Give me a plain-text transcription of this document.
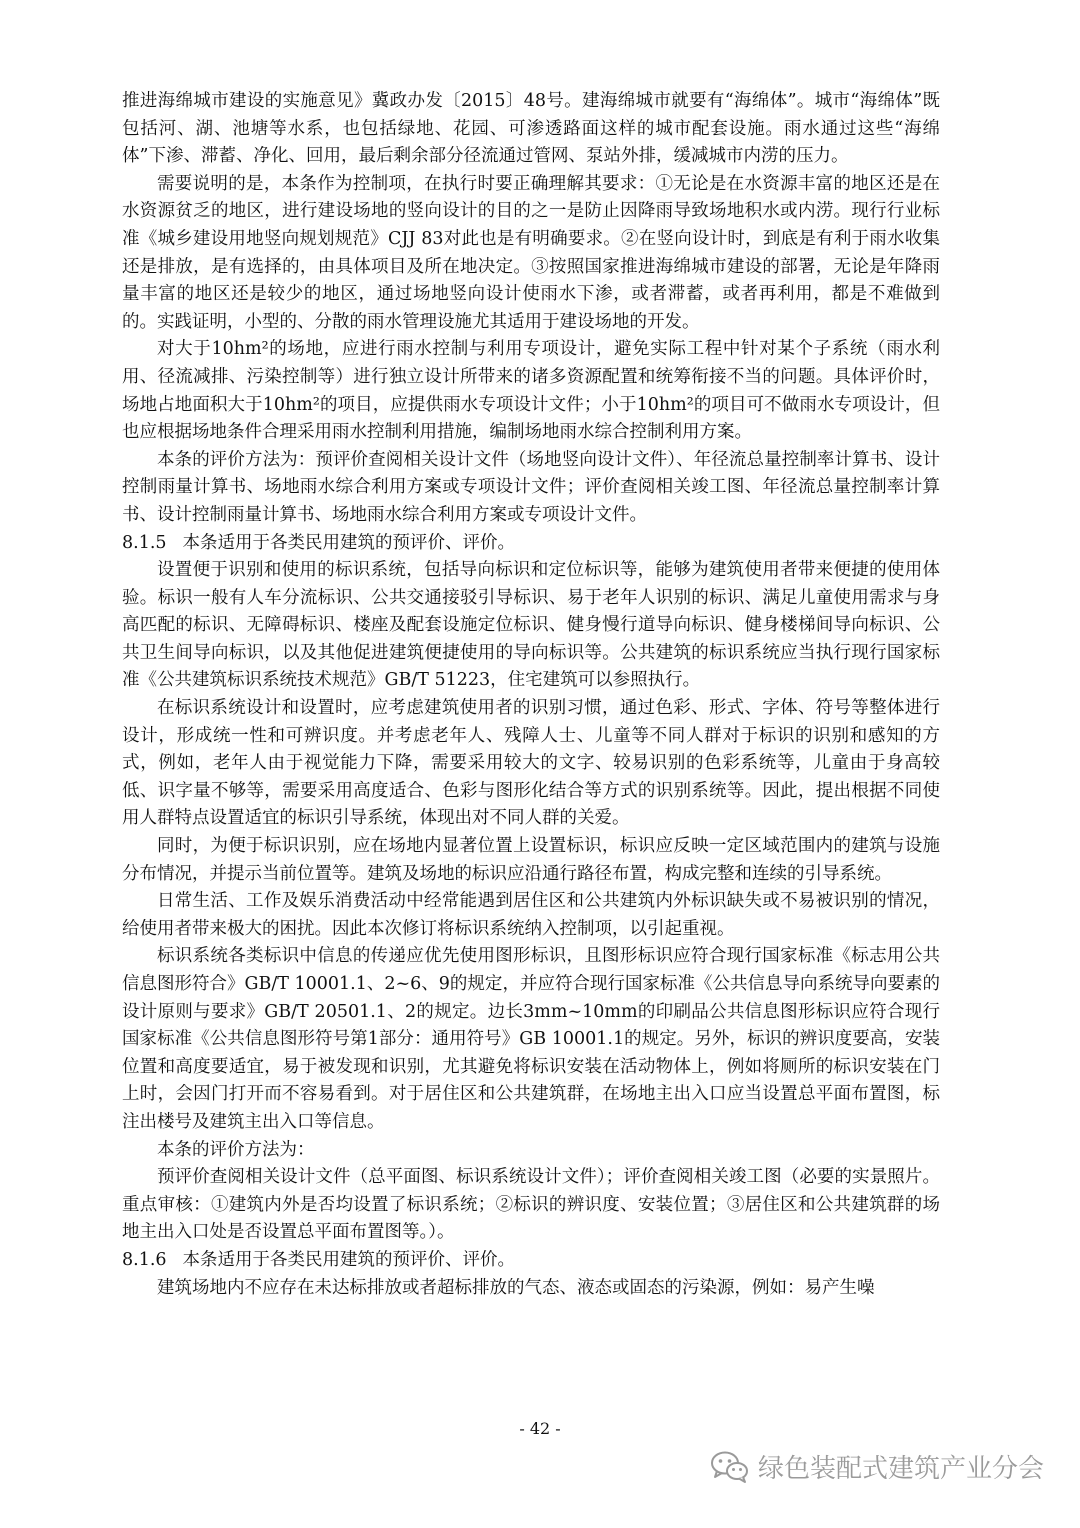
推进海绵城市建设的实施意见》冀政办发〔2015〕48号。建海绵城市就要有“海绵体”。城市“海绵体”既包括河、湖、池塘等水系，也包括绿地、花园、可渗透路面这样的城市配套设施。雨水通过这些“海绵体”下渗、滞蓄、净化、回用，最后剩余部分径流通过管网、泵站外排，缓减城市内涝的压力。

需要说明的是，本条作为控制项，在执行时要正确理解其要求：①无论是在水资源丰富的地区还是在水资源贫乏的地区，进行建设场地的竖向设计的目的之一是防止因降雨导致场地积水或内涝。现行行业标准《城乡建设用地竖向规划规范》CJJ 83对此也是有明确要求。②在竖向设计时，到底是有利于雨水收集还是排放，是有选择的，由具体项目及所在地决定。③按照国家推进海绵城市建设的部署，无论是年降雨量丰富的地区还是较少的地区，通过场地竖向设计使雨水下渗，或者滞蓄，或者再利用，都是不难做到的。实践证明，小型的、分散的雨水管理设施尤其适用于建设场地的开发。

对大于10hm²的场地，应进行雨水控制与利用专项设计，避免实际工程中针对某个子系统（雨水利用、径流减排、污染控制等）进行独立设计所带来的诸多资源配置和统筹衔接不当的问题。具体评价时，场地占地面积大于10hm²的项目，应提供雨水专项设计文件；小于10hm²的项目可不做雨水专项设计，但也应根据场地条件合理采用雨水控制利用措施，编制场地雨水综合控制利用方案。

本条的评价方法为：预评价查阅相关设计文件（场地竖向设计文件）、年径流总量控制率计算书、设计控制雨量计算书、场地雨水综合利用方案或专项设计文件；评价查阅相关竣工图、年径流总量控制率计算书、设计控制雨量计算书、场地雨水综合利用方案或专项设计文件。

8.1.5 本条适用于各类民用建筑的预评价、评价。

设置便于识别和使用的标识系统，包括导向标识和定位标识等，能够为建筑使用者带来便捷的使用体验。标识一般有人车分流标识、公共交通接驳引导标识、易于老年人识别的标识、满足儿童使用需求与身高匹配的标识、无障碍标识、楼座及配套设施定位标识、健身慢行道导向标识、健身楼梯间导向标识、公共卫生间导向标识，以及其他促进建筑便捷使用的导向标识等。公共建筑的标识系统应当执行现行国家标准《公共建筑标识系统技术规范》GB/T 51223，住宅建筑可以参照执行。

在标识系统设计和设置时，应考虑建筑使用者的识别习惯，通过色彩、形式、字体、符号等整体进行设计，形成统一性和可辨识度。并考虑老年人、残障人士、儿童等不同人群对于标识的识别和感知的方式，例如，老年人由于视觉能力下降，需要采用较大的文字、较易识别的色彩系统等，儿童由于身高较低、识字量不够等，需要采用高度适合、色彩与图形化结合等方式的识别系统等。因此，提出根据不同使用人群特点设置适宜的标识引导系统，体现出对不同人群的关爱。

同时，为便于标识识别，应在场地内显著位置上设置标识，标识应反映一定区域范围内的建筑与设施分布情况，并提示当前位置等。建筑及场地的标识应沿通行路径布置，构成完整和连续的引导系统。

日常生活、工作及娱乐消费活动中经常能遇到居住区和公共建筑内外标识缺失或不易被识别的情况，给使用者带来极大的困扰。因此本次修订将标识系统纳入控制项，以引起重视。

标识系统各类标识中信息的传递应优先使用图形标识，且图形标识应符合现行国家标准《标志用公共信息图形符合》GB/T 10001.1、2~6、9的规定，并应符合现行国家标准《公共信息导向系统导向要素的设计原则与要求》GB/T 20501.1、2的规定。边长3mm~10mm的印刷品公共信息图形标识应符合现行国家标准《公共信息图形符号第1部分：通用符号》GB 10001.1的规定。另外，标识的辨识度要高，安装位置和高度要适宜，易于被发现和识别，尤其避免将标识安装在活动物体上，例如将厕所的标识安装在门上时，会因门打开而不容易看到。对于居住区和公共建筑群，在场地主出入口应当设置总平面布置图，标注出楼号及建筑主出入口等信息。

本条的评价方法为：

预评价查阅相关设计文件（总平面图、标识系统设计文件）；评价查阅相关竣工图（必要的实景照片。重点审核：①建筑内外是否均设置了标识系统；②标识的辨识度、安装位置；③居住区和公共建筑群的场地主出入口处是否设置总平面布置图等。）。

8.1.6 本条适用于各类民用建筑的预评价、评价。

建筑场地内不应存在未达标排放或者超标排放的气态、液态或固态的污染源，例如：易产生噪

- 42 -
绿色装配式建筑产业分会
